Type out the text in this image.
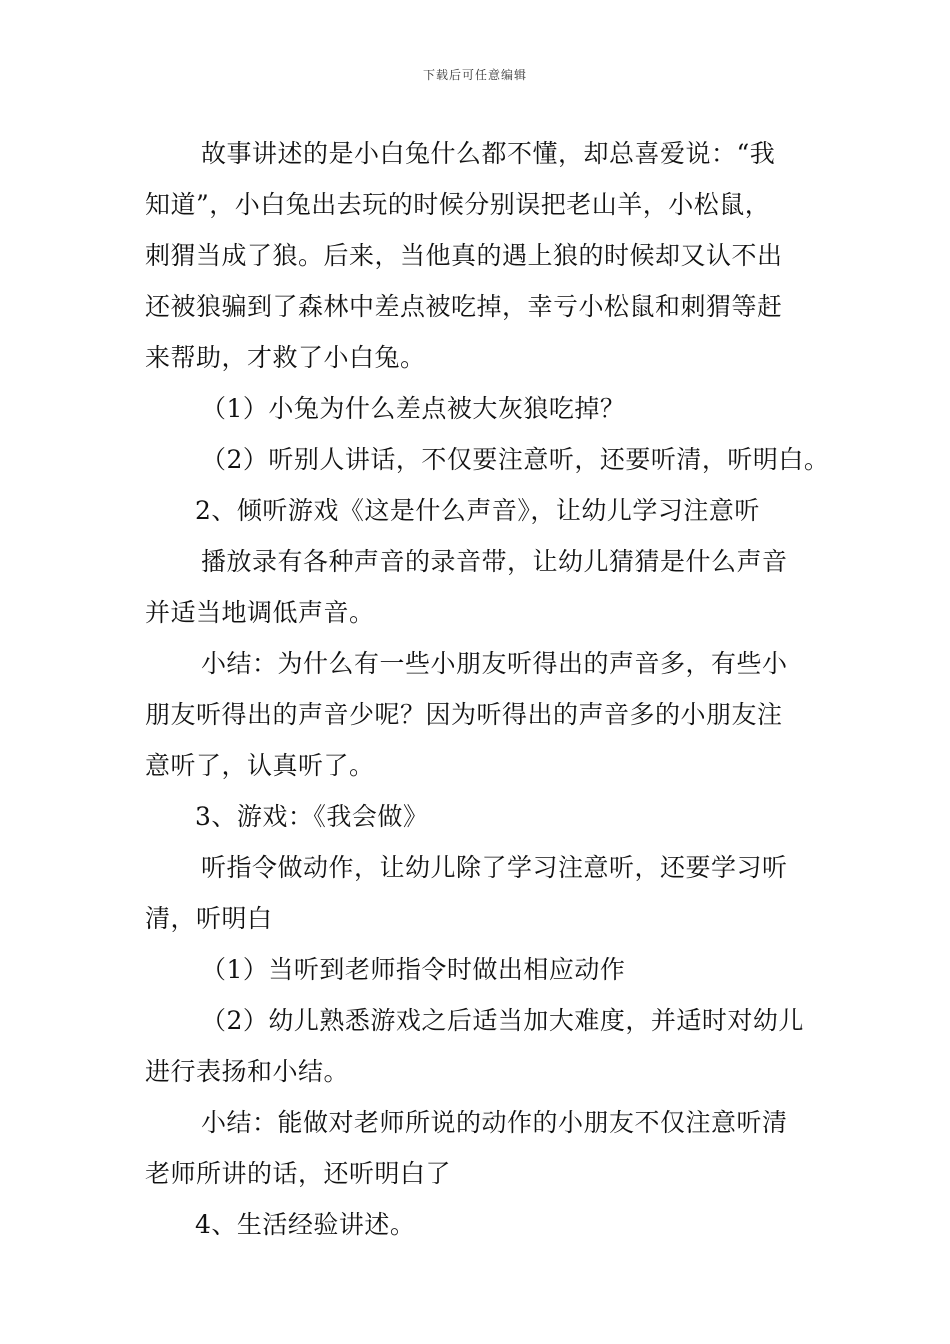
下载后可任意编辑
故事讲述的是小白兔什么都不懂，却总喜爱说：“我
知道”，小白兔出去玩的时候分别误把老山羊，小松鼠，
刺猬当成了狼。后来，当他真的遇上狼的时候却又认不出
还被狼骗到了森林中差点被吃掉，幸亏小松鼠和刺猬等赶
来帮助，才救了小白兔。
（1）小兔为什么差点被大灰狼吃掉？
（2）听别人讲话，不仅要注意听，还要听清，听明白。
2、倾听游戏《这是什么声音》，让幼儿学习注意听
播放录有各种声音的录音带，让幼儿猜猜是什么声音
并适当地调低声音。
小结：为什么有一些小朋友听得出的声音多，有些小
朋友听得出的声音少呢？因为听得出的声音多的小朋友注
意听了，认真听了。
3、游戏：《我会做》
听指令做动作，让幼儿除了学习注意听，还要学习听
清，听明白
（1）当听到老师指令时做出相应动作
（2）幼儿熟悉游戏之后适当加大难度，并适时对幼儿
进行表扬和小结。
小结：能做对老师所说的动作的小朋友不仅注意听清
老师所讲的话，还听明白了
4、生活经验讲述。
